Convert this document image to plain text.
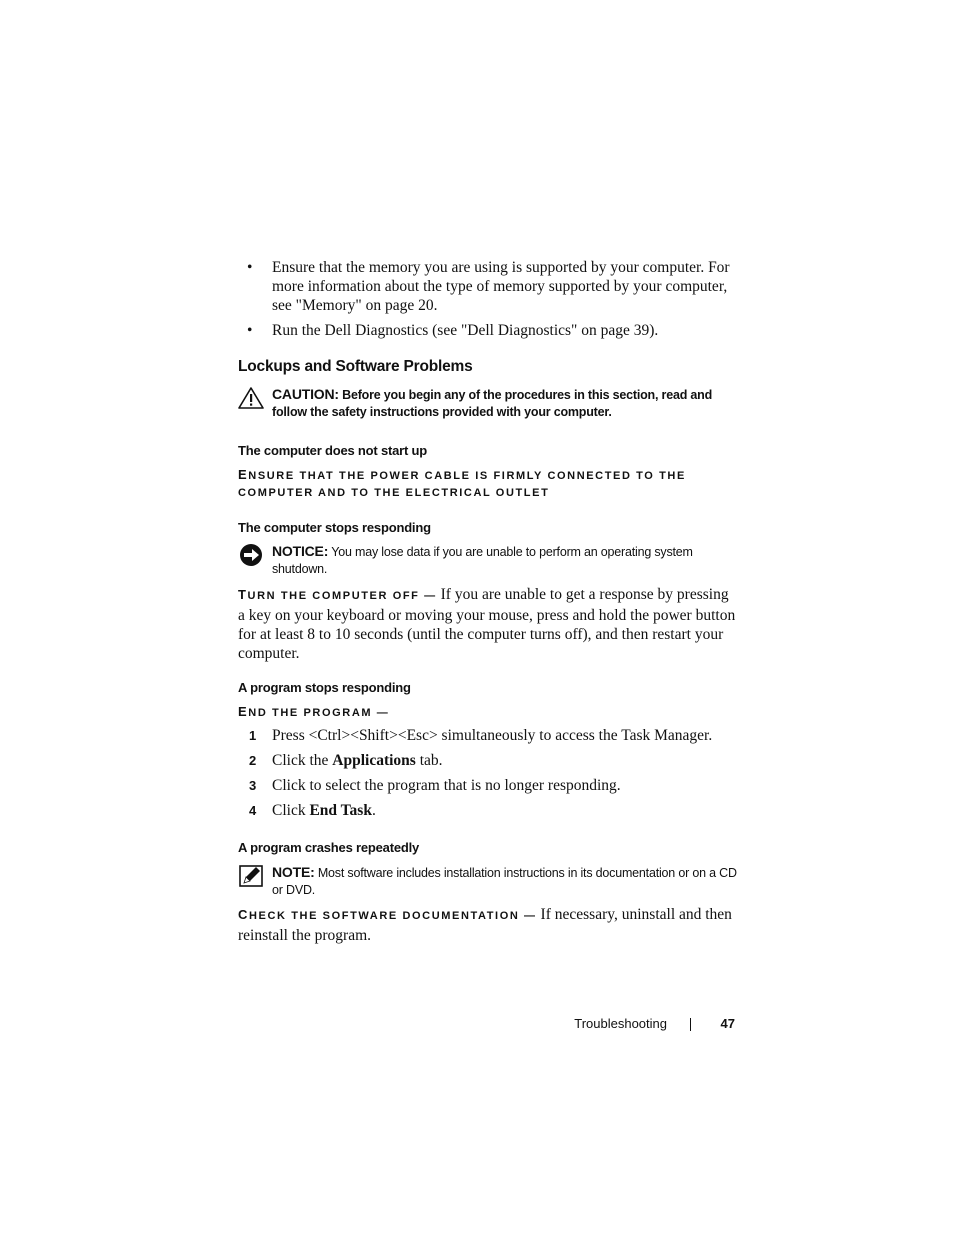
• Ensure that the memory you are using is supported by your computer. For more information about the type of memory supported by your computer, see "Memory" on page 20.
• Run the Dell Diagnostics (see "Dell Diagnostics" on page 39).
Lockups and Software Problems
CAUTION: Before you begin any of the procedures in this section, read and follow the safety instructions provided with your computer.
The computer does not start up
ENSURE THAT THE POWER CABLE IS FIRMLY CONNECTED TO THE COMPUTER AND TO THE ELECTRICAL OUTLET
The computer stops responding
NOTICE: You may lose data if you are unable to perform an operating system shutdown.
TURN THE COMPUTER OFF — If you are unable to get a response by pressing a key on your keyboard or moving your mouse, press and hold the power button for at least 8 to 10 seconds (until the computer turns off), and then restart your computer.
A program stops responding
END THE PROGRAM —
1 Press <Ctrl><Shift><Esc> simultaneously to access the Task Manager.
2 Click the Applications tab.
3 Click to select the program that is no longer responding.
4 Click End Task.
A program crashes repeatedly
NOTE: Most software includes installation instructions in its documentation or on a CD or DVD.
CHECK THE SOFTWARE DOCUMENTATION — If necessary, uninstall and then reinstall the program.
Troubleshooting	47
